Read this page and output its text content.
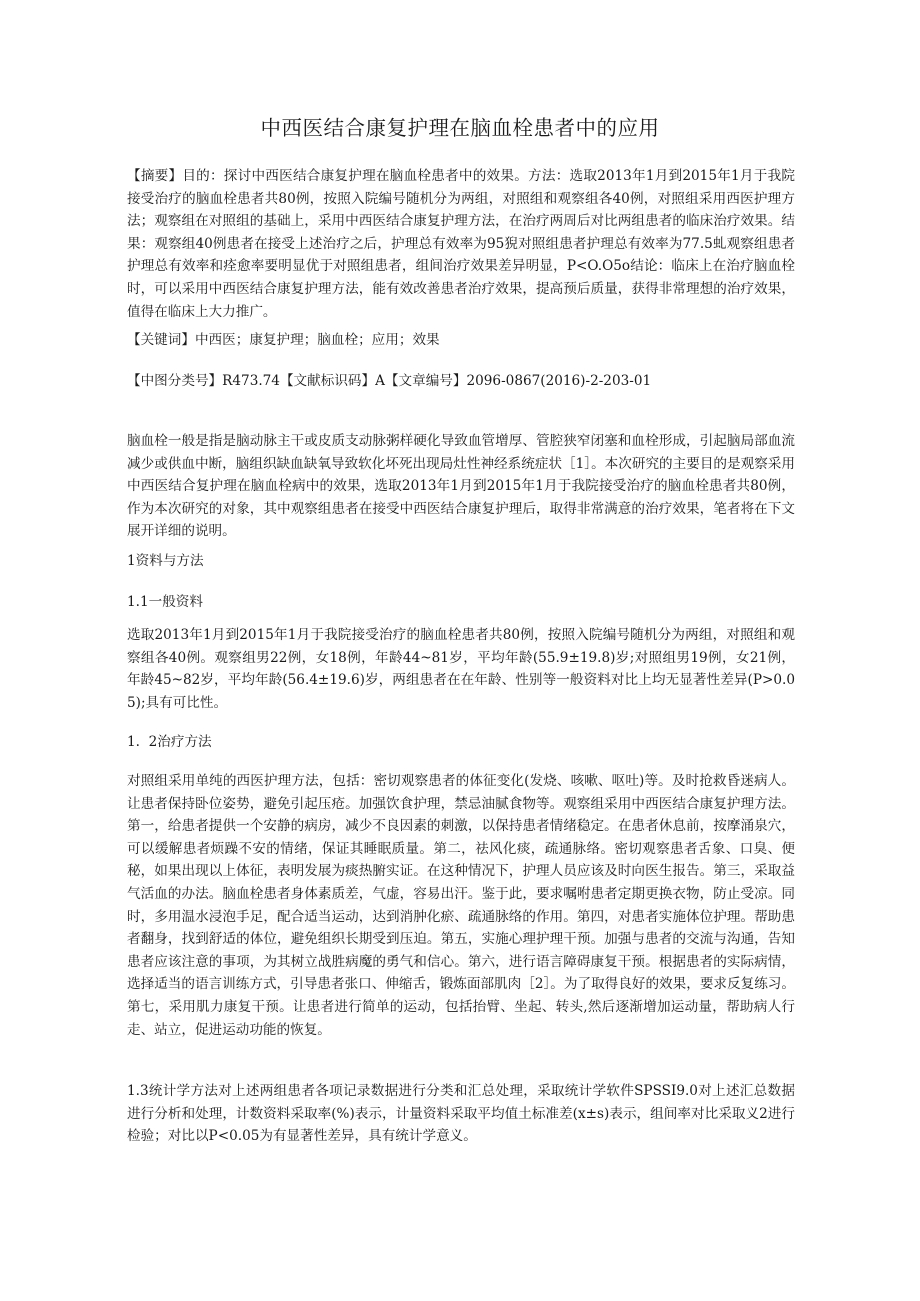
中西医结合康复护理在脑血栓患者中的应用

【摘要】目的：探讨中西医结合康复护理在脑血栓患者中的效果。方法：选取2013年1月到2015年1月于我院接受治疗的脑血栓患者共80例，按照入院编号随机分为两组，对照组和观察组各40例，对照组采用西医护理方法；观察组在对照组的基础上，采用中西医结合康复护理方法，在治疗两周后对比两组患者的临床治疗效果。结果：观察组40例患者在接受上述治疗之后，护理总有效率为95猊对照组患者护理总有效率为77.5虬观察组患者护理总有效率和痊愈率要明显优于对照组患者，组间治疗效果差异明显，P<O.O5o结论：临床上在治疗脑血栓时，可以采用中西医结合康复护理方法，能有效改善患者治疗效果，提高预后质量，获得非常理想的治疗效果，值得在临床上大力推广。

【关键词】中西医；康复护理；脑血栓；应用；效果

【中图分类号】R473.74【文献标识码】A【文章编号】2096-0867(2016)-2-203-01

脑血栓一般是指是脑动脉主干或皮质支动脉粥样硬化导致血管增厚、管腔狭窄闭塞和血栓形成，引起脑局部血流减少或供血中断，脑组织缺血缺氧导致软化坏死出现局灶性神经系统症状［1］。本次研究的主要目的是观察采用中西医结合复护理在脑血栓病中的效果，选取2013年1月到2015年1月于我院接受治疗的脑血栓患者共80例，作为本次研究的对象，其中观察组患者在接受中西医结合康复护理后，取得非常满意的治疗效果，笔者将在下文展开详细的说明。

1资料与方法

1.1一般资料

选取2013年1月到2015年1月于我院接受治疗的脑血栓患者共80例，按照入院编号随机分为两组，对照组和观察组各40例。观察组男22例，女18例，年龄44~81岁，平均年龄(55.9±19.8)岁;对照组男19例，女21例，年龄45~82岁，平均年龄(56.4±19.6)岁，两组患者在在年龄、性别等一般资料对比上均无显著性差异(P>0.05);具有可比性。

1.  2治疗方法

对照组采用单纯的西医护理方法，包括：密切观察患者的体征变化(发烧、咳嗽、呕吐)等。及时抢救昏迷病人。让患者保持卧位姿势，避免引起压疮。加强饮食护理，禁忌油腻食物等。观察组采用中西医结合康复护理方法。第一，给患者提供一个安静的病房，减少不良因素的刺激，以保持患者情绪稳定。在患者休息前，按摩涌泉穴，可以缓解患者烦躁不安的情绪，保证其睡眠质量。第二，祛风化痰，疏通脉络。密切观察患者舌象、口臭、便秘，如果出现以上体征，表明发展为痰热腑实证。在这种情况下，护理人员应该及时向医生报告。第三，采取益气活血的办法。脑血栓患者身体素质差，气虚，容易出汗。鉴于此，要求嘱咐患者定期更换衣物，防止受凉。同时，多用温水浸泡手足，配合适当运动，达到消肿化瘀、疏通脉络的作用。第四，对患者实施体位护理。帮助患者翻身，找到舒适的体位，避免组织长期受到压迫。第五，实施心理护理干预。加强与患者的交流与沟通，告知患者应该注意的事项，为其树立战胜病魔的勇气和信心。第六，进行语言障碍康复干预。根据患者的实际病情，选择适当的语言训练方式，引导患者张口、伸缩舌，锻炼面部肌肉［2］。为了取得良好的效果，要求反复练习。第七，采用肌力康复干预。让患者进行简单的运动，包括抬臂、坐起、转头,然后逐渐增加运动量，帮助病人行走、站立，促进运动功能的恢复。

1.3统计学方法对上述两组患者各项记录数据进行分类和汇总处理，采取统计学软件SPSSI9.0对上述汇总数据进行分析和处理，计数资料采取率(%)表示，计量资料采取平均值土标准差(x±s)表示，组间率对比采取义2进行检验；对比以P<0.05为有显著性差异，具有统计学意义。
